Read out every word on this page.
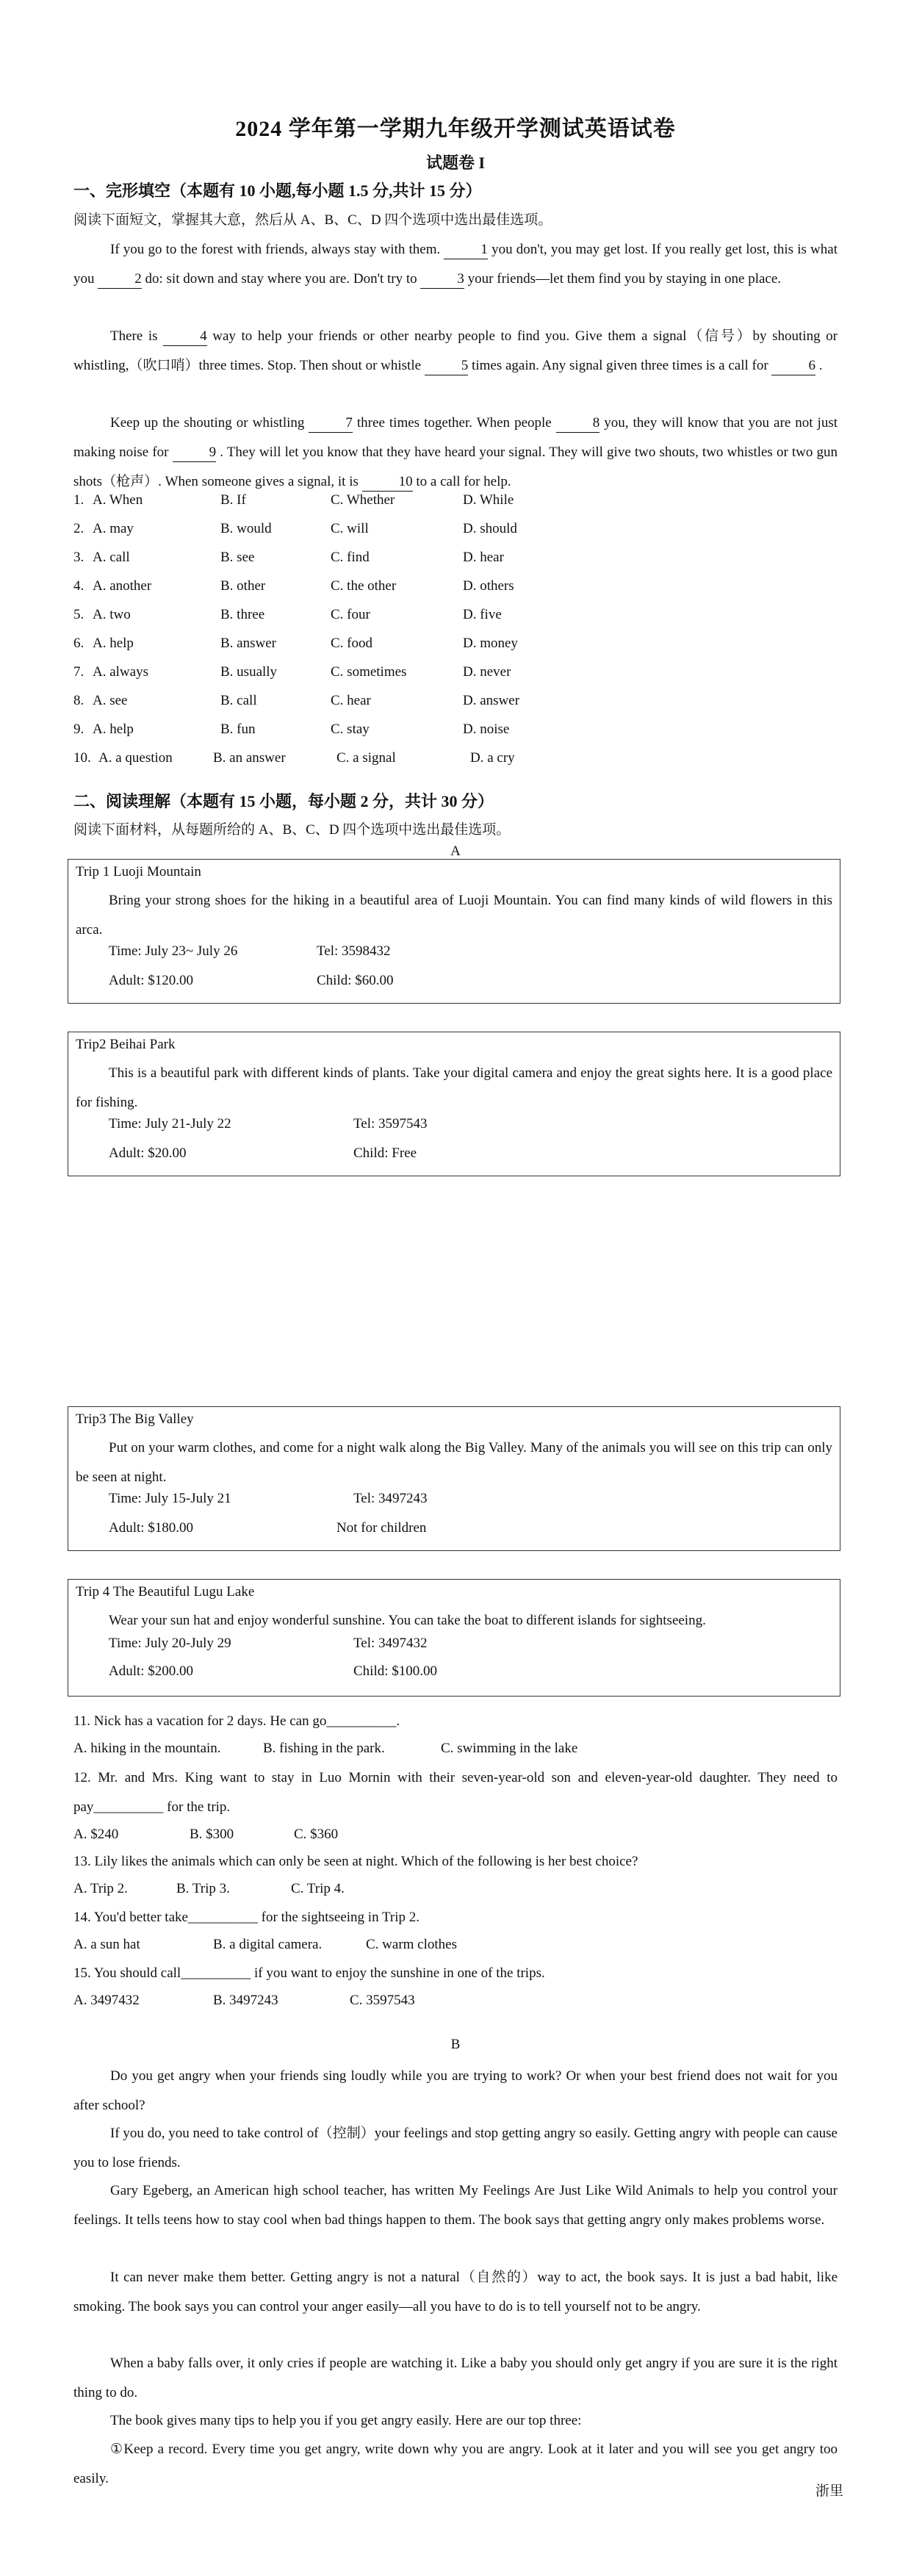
2024 学年第一学期九年级开学测试英语试卷
试题卷 I
一、完形填空（本题有 10 小题,每小题 1.5 分,共计 15 分）
阅读下面短文，掌握其大意，然后从 A、B、C、D 四个选项中选出最佳选项。
If you go to the forest with friends, always stay with them.	1 you don't, you may get lost. If you really get lost, this is what you	2 do: sit down and stay where you are. Don't try to	3 your friends—let them find you by staying in one place.
There is	4 way to help your friends or other nearby people to find you. Give them a signal（信号）by shouting or whistling,（吹口哨）three times. Stop. Then shout or whistle	5 times again. Any signal given three times is a call for	6 .
Keep up the shouting or whistling	7 three times together. When people	8 you, they will know that you are not just making noise for	9 . They will let you know that they have heard your signal. They will give two shouts, two whistles or two gun shots（枪声）. When someone gives a signal, it is	10 to a call for help.
1. A. When	B. If	C. Whether	D. While
2. A. may	B. would	C. will	D. should
3. A. call	B. see	C. find	D. hear
4. A. another	B. other	C. the other	D. others
5. A. two	B. three	C. four	D. five
6. A. help	B. answer	C. food	D. money
7. A. always	B. usually	C. sometimes	D. never
8. A. see	B. call	C. hear	D. answer
9. A. help	B. fun	C. stay	D. noise
10. A. a question	B. an answer	C. a signal	D. a cry
二、阅读理解（本题有 15 小题，每小题 2 分，共计 30 分）
阅读下面材料，从每题所给的 A、B、C、D 四个选项中选出最佳选项。
A
Trip 1 Luoji Mountain
Bring your strong shoes for the hiking in a beautiful area of Luoji Mountain. You can find many kinds of wild flowers in this arca.
Time: July 23~ July 26	Tel: 3598432
Adult: $120.00	Child: $60.00
Trip2 Beihai Park
This is a beautiful park with different kinds of plants. Take your digital camera and enjoy the great sights here. It is a good place for fishing.
Time: July 21-July 22	Tel: 3597543
Adult: $20.00	Child: Free
Trip3 The Big Valley
Put on your warm clothes, and come for a night walk along the Big Valley. Many of the animals you will see on this trip can only be seen at night.
Time: July 15-July 21	Tel: 3497243
Adult: $180.00	Not for children
Trip 4 The Beautiful Lugu Lake
Wear your sun hat and enjoy wonderful sunshine. You can take the boat to different islands for sightseeing.
Time: July 20-July 29	Tel: 3497432
Adult: $200.00	Child: $100.00
11. Nick has a vacation for 2 days. He can go__________.
A. hiking in the mountain.	B. fishing in the park.	C. swimming in the lake
12. Mr. and Mrs. King want to stay in Luo Mornin with their seven-year-old son and eleven-year-old daughter. They need to pay__________ for the trip.
A. $240	B. $300	C. $360
13. Lily likes the animals which can only be seen at night. Which of the following is her best choice?
A. Trip 2.	B. Trip 3.	C. Trip 4.
14. You'd better take__________ for the sightseeing in Trip 2.
A. a sun hat	B. a digital camera.	C. warm clothes
15. You should call__________ if you want to enjoy the sunshine in one of the trips.
A. 3497432	B. 3497243	C. 3597543
B
Do you get angry when your friends sing loudly while you are trying to work? Or when your best friend does not wait for you after school?
If you do, you need to take control of（控制）your feelings and stop getting angry so easily. Getting angry with people can cause you to lose friends.
Gary Egeberg, an American high school teacher, has written My Feelings Are Just Like Wild Animals to help you control your feelings. It tells teens how to stay cool when bad things happen to them. The book says that getting angry only makes problems worse.
It can never make them better. Getting angry is not a natural（自然的）way to act, the book says. It is just a bad habit, like smoking. The book says you can control your anger easily—all you have to do is to tell yourself not to be angry.
When a baby falls over, it only cries if people are watching it. Like a baby you should only get angry if you are sure it is the right thing to do.
The book gives many tips to help you if you get angry easily. Here are our top three:
①Keep a record. Every time you get angry, write down why you are angry. Look at it later and you will see you get angry too easily.
浙里
